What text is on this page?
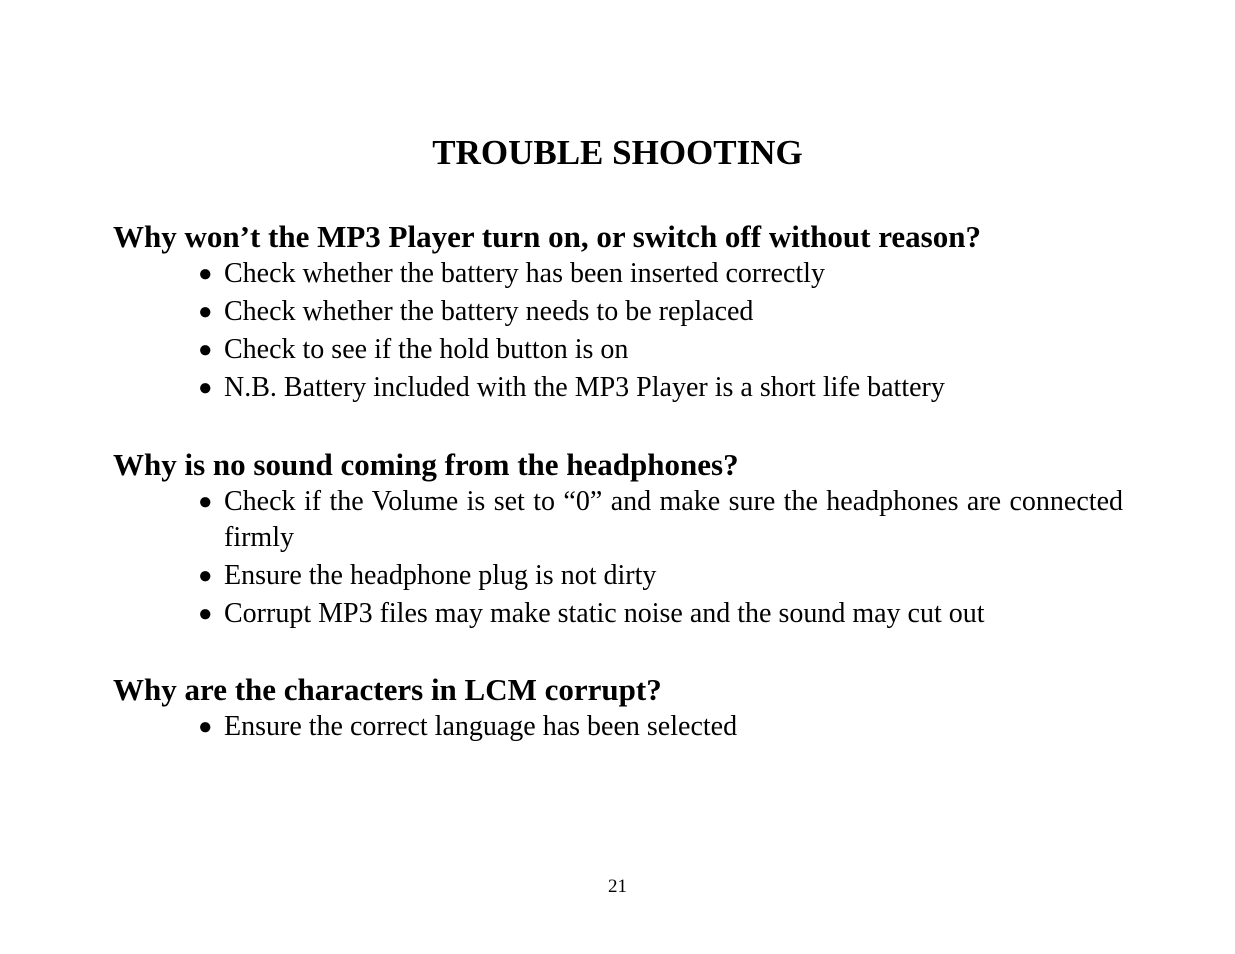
TROUBLE SHOOTING

Why won’t the MP3 Player turn on, or switch off without reason?

● Check whether the battery has been inserted correctly
● Check whether the battery needs to be replaced
● Check to see if the hold button is on
● N.B. Battery included with the MP3 Player is a short life battery

Why is no sound coming from the headphones?

● Check if the Volume is set to “0” and make sure the headphones are connected firmly
● Ensure the headphone plug is not dirty
● Corrupt MP3 files may make static noise and the sound may cut out

Why are the characters in LCM corrupt?

● Ensure the correct language has been selected
21
